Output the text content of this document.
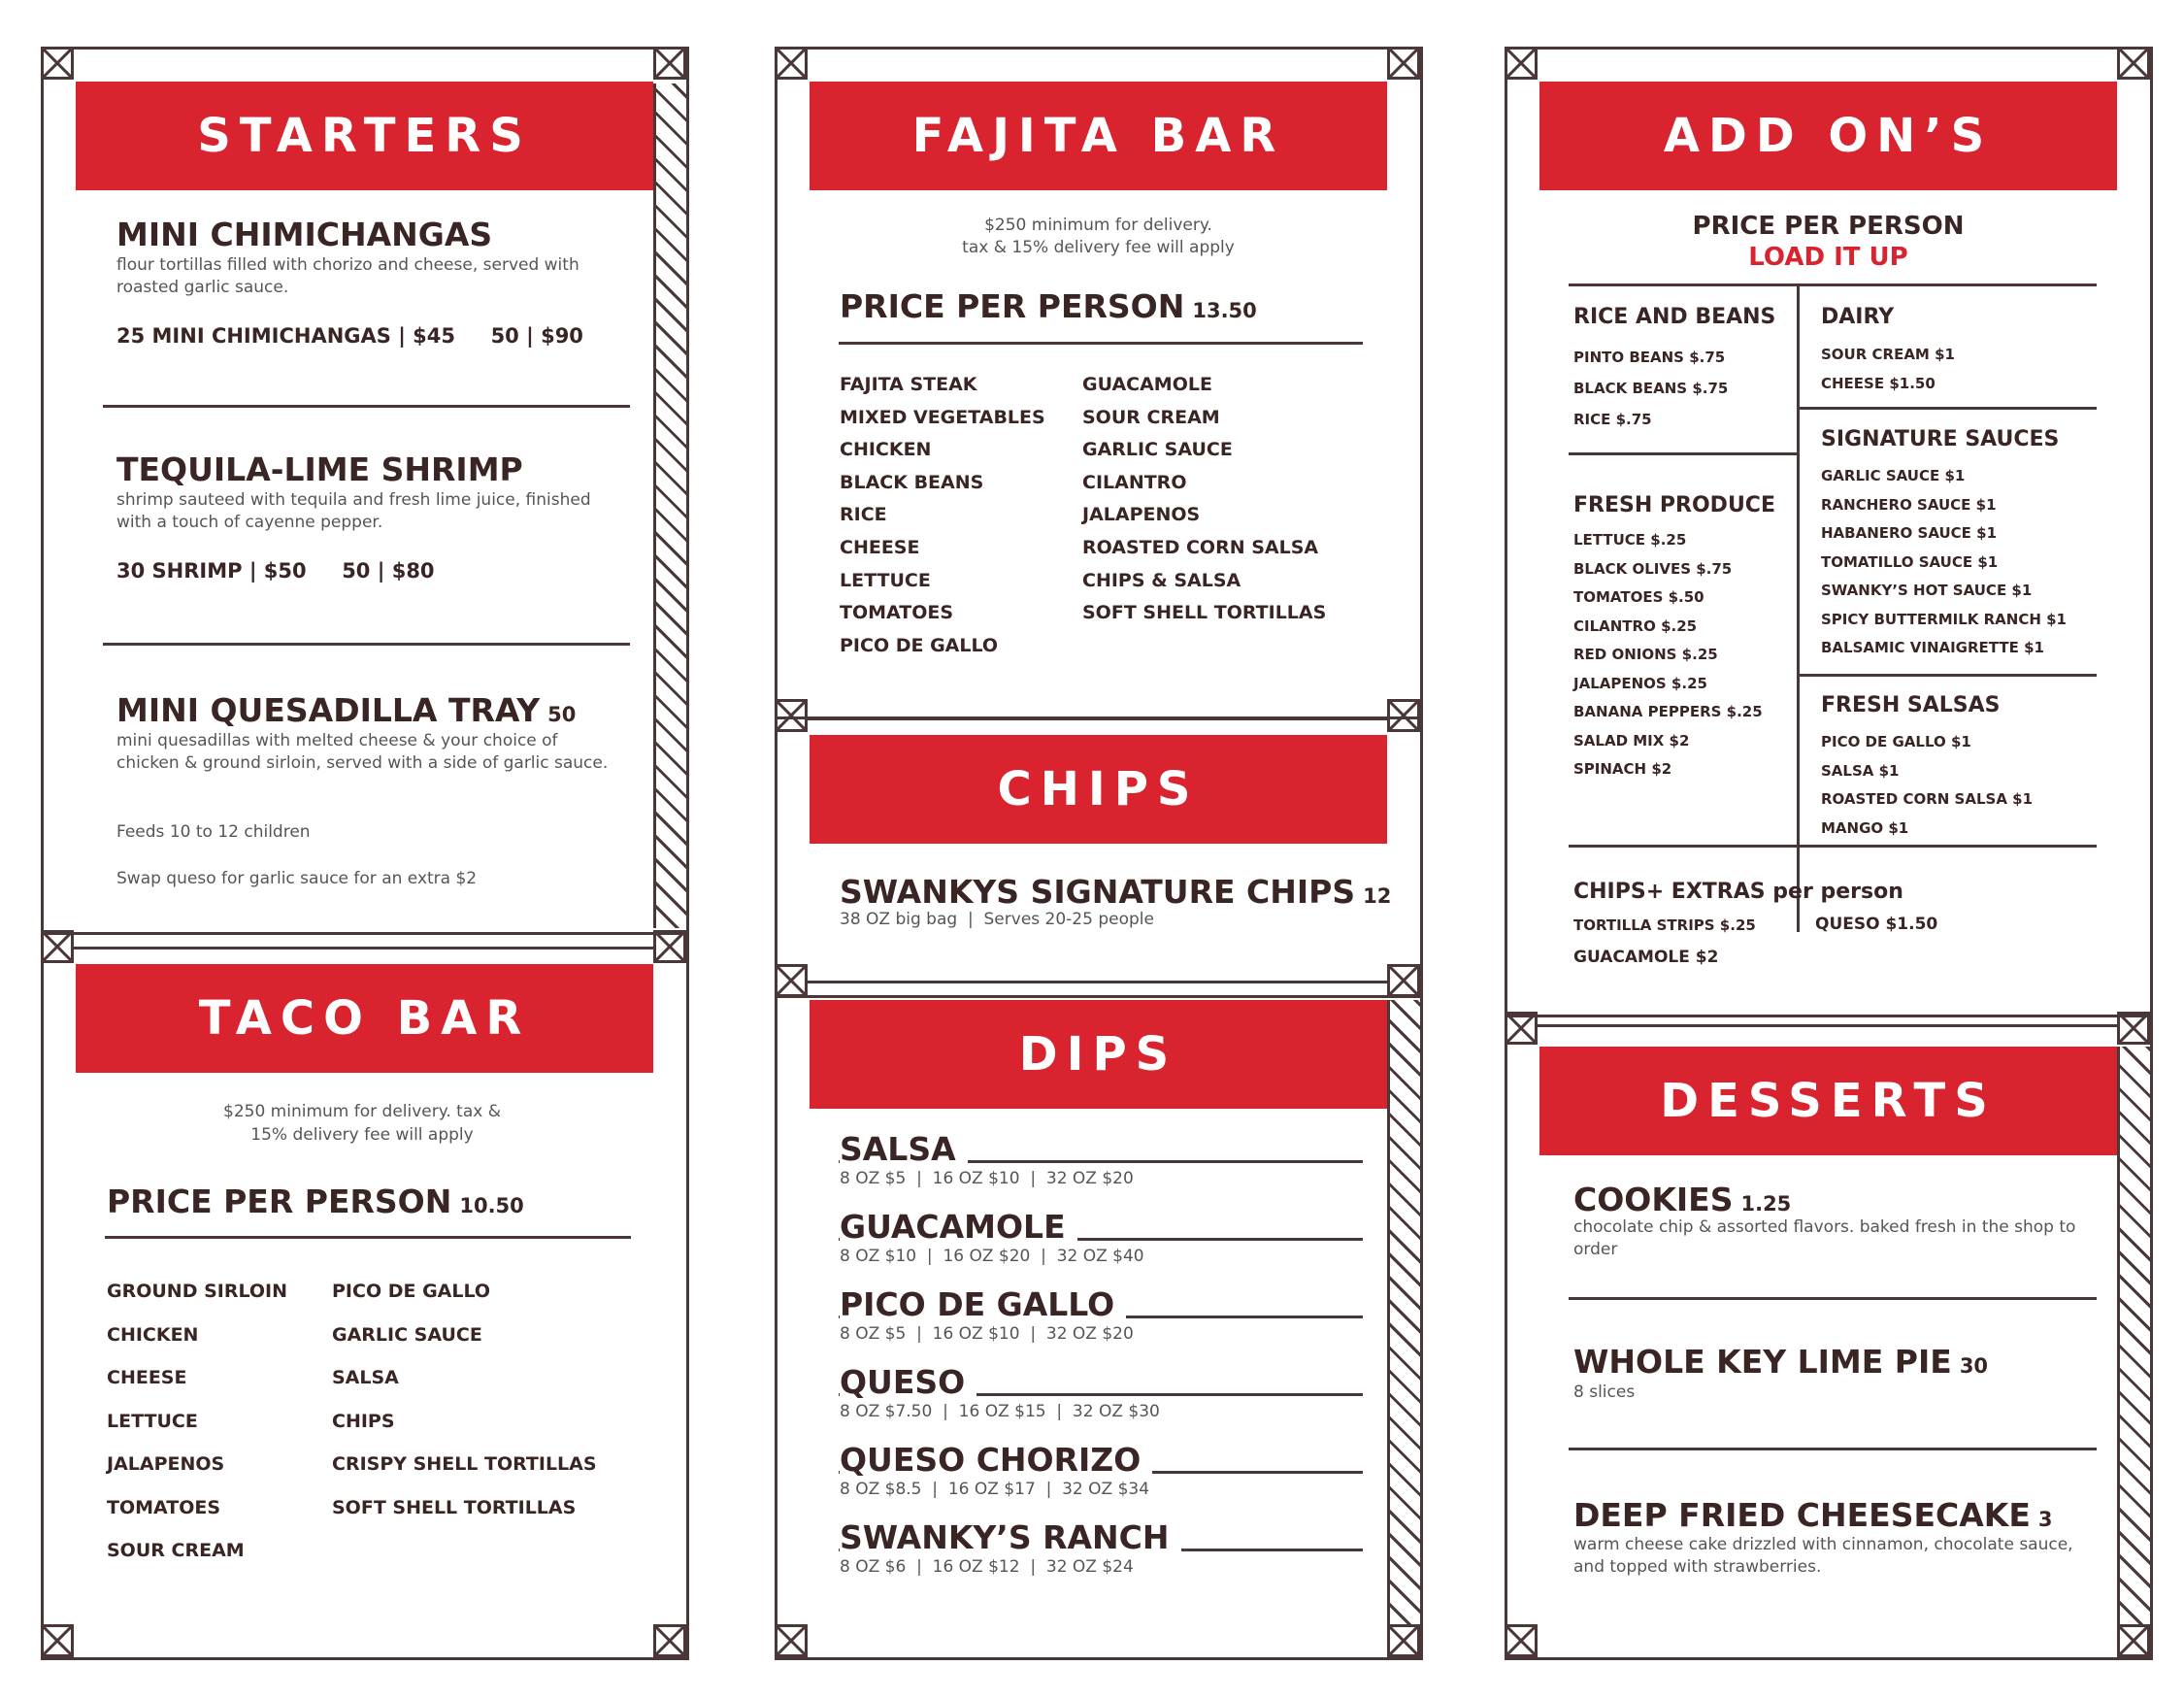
STARTERS
MINI CHIMICHANGAS
flour tortillas filled with chorizo and cheese, served with roasted garlic sauce.
25 MINI CHIMICHANGAS | $45     50 | $90
TEQUILA-LIME SHRIMP
shrimp sauteed with tequila and fresh lime juice, finished with a touch of cayenne pepper.
30 SHRIMP | $50     50 | $80
MINI QUESADILLA TRAY 50
mini quesadillas with melted cheese & your choice of chicken & ground sirloin, served with a side of garlic sauce.
Feeds 10 to 12 children
Swap queso for garlic sauce for an extra $2
TACO BAR
$250 minimum for delivery. tax & 15% delivery fee will apply
PRICE PER PERSON 10.50
GROUND SIRLOIN
CHICKEN
CHEESE
LETTUCE
JALAPENOS
TOMATOES
SOUR CREAM
PICO DE GALLO
GARLIC SAUCE
SALSA
CHIPS
CRISPY SHELL TORTILLAS
SOFT SHELL TORTILLAS
FAJITA BAR
$250 minimum for delivery.
tax & 15% delivery fee will apply
PRICE PER PERSON 13.50
FAJITA STEAK
MIXED VEGETABLES
CHICKEN
BLACK BEANS
RICE
CHEESE
LETTUCE
TOMATOES
PICO DE GALLO
GUACAMOLE
SOUR CREAM
GARLIC SAUCE
CILANTRO
JALAPENOS
ROASTED CORN SALSA
CHIPS & SALSA
SOFT SHELL TORTILLAS
CHIPS
SWANKYS SIGNATURE CHIPS 12
38 OZ big bag  |  Serves 20-25 people
DIPS
SALSA
8 OZ $5  |  16 OZ $10  |  32 OZ $20
GUACAMOLE
8 OZ $10  |  16 OZ $20  |  32 OZ $40
PICO DE GALLO
8 OZ $5  |  16 OZ $10  |  32 OZ $20
QUESO
8 OZ $7.50  |  16 OZ $15  |  32 OZ $30
QUESO CHORIZO
8 OZ $8.5  |  16 OZ $17  |  32 OZ $34
SWANKY’S RANCH
8 OZ $6  |  16 OZ $12  |  32 OZ $24
ADD ON’S
PRICE PER PERSON
LOAD IT UP
RICE AND BEANS
PINTO BEANS $.75
BLACK BEANS $.75
RICE $.75
DAIRY
SOUR CREAM $1
CHEESE $1.50
FRESH PRODUCE
LETTUCE $.25
BLACK OLIVES $.75
TOMATOES $.50
CILANTRO $.25
RED ONIONS $.25
JALAPENOS $.25
BANANA PEPPERS $.25
SALAD MIX $2
SPINACH $2
SIGNATURE SAUCES
GARLIC SAUCE $1
RANCHERO SAUCE $1
HABANERO SAUCE $1
TOMATILLO SAUCE $1
SWANKY’S HOT SAUCE $1
SPICY BUTTERMILK RANCH $1
BALSAMIC VINAIGRETTE $1
FRESH SALSAS
PICO DE GALLO $1
SALSA $1
ROASTED CORN SALSA $1
MANGO $1
CHIPS+ EXTRAS per person
TORTILLA STRIPS $.25	QUESO $1.50
GUACAMOLE $2
DESSERTS
COOKIES 1.25
chocolate chip & assorted flavors. baked fresh in the shop to order
WHOLE KEY LIME PIE 30
8 slices
DEEP FRIED CHEESECAKE 3
warm cheese cake drizzled with cinnamon, chocolate sauce, and topped with strawberries.
